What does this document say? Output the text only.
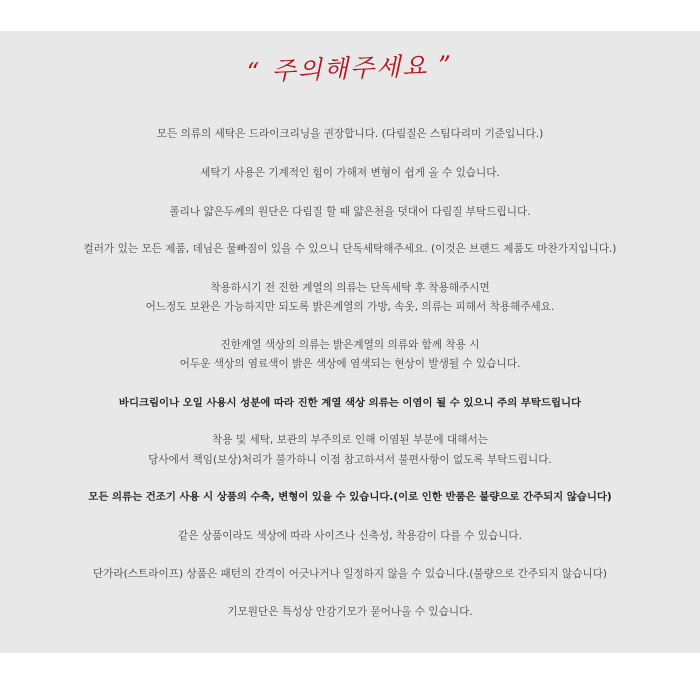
“ 주의해주세요 ”
모든 의류의 세탁은 드라이크리닝을 권장합니다. (다림질은 스팀다리미 기준입니다.)
세탁기 사용은 기계적인 힘이 가해져 변형이 쉽게 올 수 있습니다.
폴리나 얇은두께의 원단은 다림질 할 때 얇은천을 덧대어 다림질 부탁드립니다.
컬러가 있는 모든 제품, 데님은 물빠짐이 있을 수 있으니 단독세탁해주세요. (이것은 브랜드 제품도 마찬가지입니다.)
착용하시기 전 진한 계열의 의류는 단독세탁 후 착용해주시면
어느정도 보완은 가능하지만 되도록 밝은계열의 가방, 속옷, 의류는 피해서 착용해주세요.
진한계열 색상의 의류는 밝은계열의 의류와 함께 착용 시
어두운 색상의 염료색이 밝은 색상에 염색되는 현상이 발생될 수 있습니다.
바디크림이나 오일 사용시 성분에 따라 진한 계열 색상 의류는 이염이 될 수 있으니 주의 부탁드립니다
착용 및 세탁, 보관의 부주의로 인해 이염된 부분에 대해서는
당사에서 책임(보상)처리가 불가하니 이점 참고하셔서 불편사항이 없도록 부탁드립니다.
모든 의류는 건조기 사용 시 상품의 수축, 변형이 있을 수 있습니다.(이로 인한 반품은 불량으로 간주되지 않습니다)
같은 상품이라도 색상에 따라 사이즈나 신축성, 착용감이 다를 수 있습니다.
단가라(스트라이프) 상품은 패턴의 간격이 어긋나거나 일정하지 않을 수 있습니다.(불량으로 간주되지 않습니다)
기모원단은 특성상 안감기모가 묻어나올 수 있습니다.
